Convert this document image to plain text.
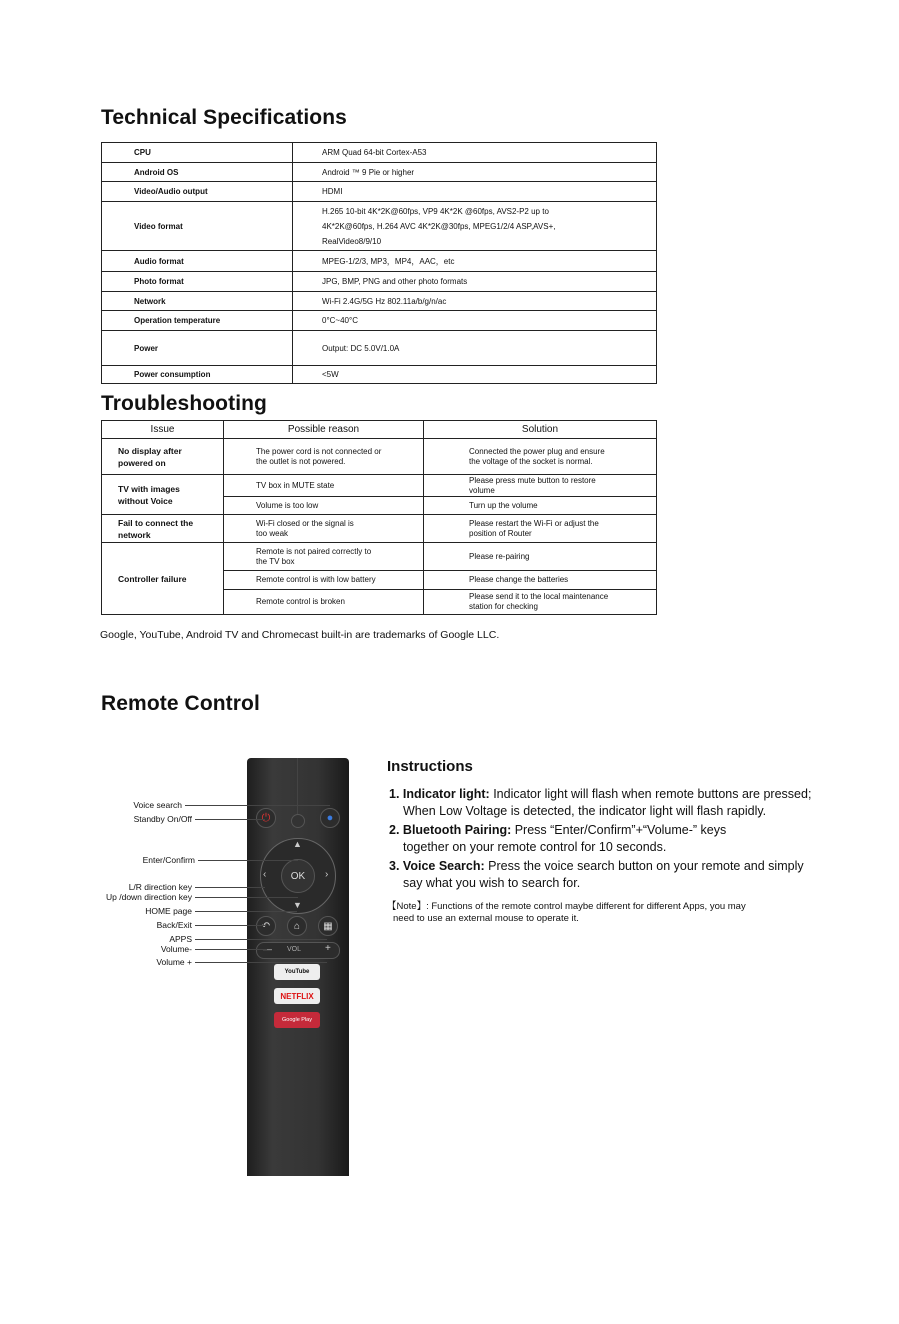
Technical Specifications
CPU	ARM Quad 64-bit Cortex-A53

Android OS	Android ™ 9 Pie or higher

Video/Audio output	HDMI

Video format	H.265 10-bit 4K*2K@60fps, VP9 4K*2K @60fps, AVS2-P2 up to
4K*2K@60fps, H.264 AVC 4K*2K@30fps, MPEG1/2/4 ASP,AVS+,
RealVideo8/9/10

Audio format	MPEG-1/2/3, MP3，MP4，AAC，etc

Photo format	JPG, BMP, PNG and other photo formats

Network	Wi-Fi 2.4G/5G Hz 802.11a/b/g/n/ac

Operation temperature	0°C~40°C

Power	Output: DC 5.0V/1.0A

Power consumption	<5W
Troubleshooting
Issue	Possible reason	Solution
No display after powered on	The power cord is not connected or the outlet is not powered.	Connected the power plug and ensure the voltage of the socket is normal.
TV with images without Voice	TV box in MUTE state	Please press mute button to restore volume
	Volume is too low	Turn up the volume
Fail to connect the network	Wi-Fi closed or the signal is too weak	Please restart the Wi-Fi or adjust the position of Router
Controller failure	Remote is not paired correctly to the TV box	Please re-pairing
	Remote control is with low battery	Please change the batteries
	Remote control is broken	Please send it to the local maintenance station for checking
Google, YouTube, Android TV and Chromecast built-in are trademarks of Google LLC.
Remote Control
⏻	●
▲
▼
‹	›
OK
↶	⌂	▦
— VOL +
YouTube
NETFLIX
Google Play
Voice search
Standby On/Off
Enter/Confirm
L/R direction key
Up /down direction key
HOME page
Back/Exit
APPS
Volume-
Volume +
Instructions
1. Indicator light: Indicator light will flash when remote buttons are pressed;
When Low Voltage is detected, the indicator light will flash rapidly.
2. Bluetooth Pairing: Press “Enter/Confirm”+“Volume-” keys
together on your remote control for 10 seconds.
3. Voice Search: Press the voice search button on your remote and simply
say what you wish to search for.
【Note】: Functions of the remote control maybe different for different Apps, you may
need to use an external mouse to operate it.
